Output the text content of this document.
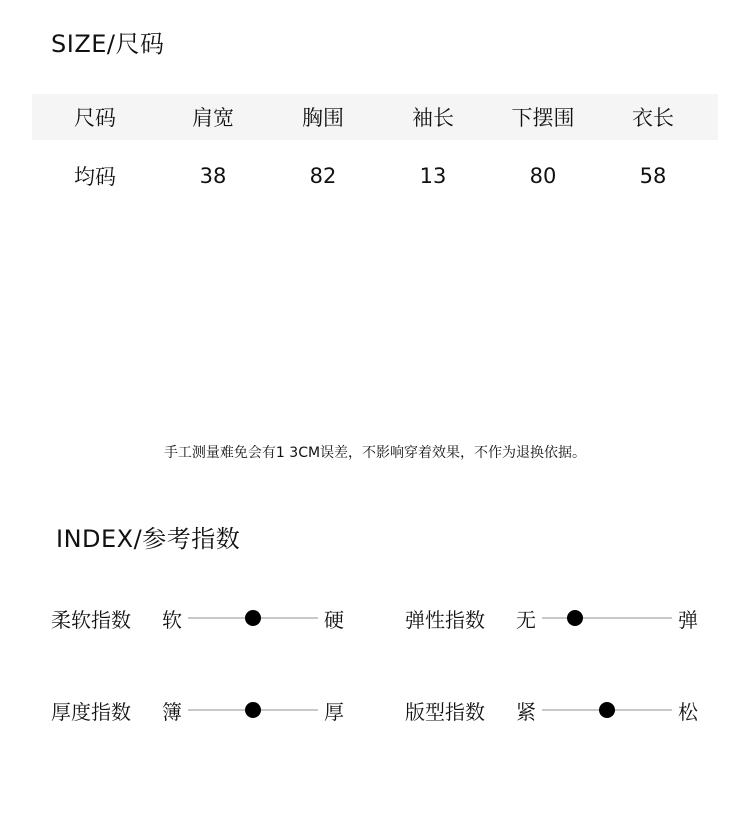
SIZE/尺码
尺码	肩宽	胸围	袖长	下摆围	衣长
均码	38	82	13	80	58
手工测量难免会有1 3CM误差，不影响穿着效果，不作为退换依据。
INDEX/参考指数
柔软指数	软	硬	弹性指数	无	弹
厚度指数	簿	厚	版型指数	紧	松
